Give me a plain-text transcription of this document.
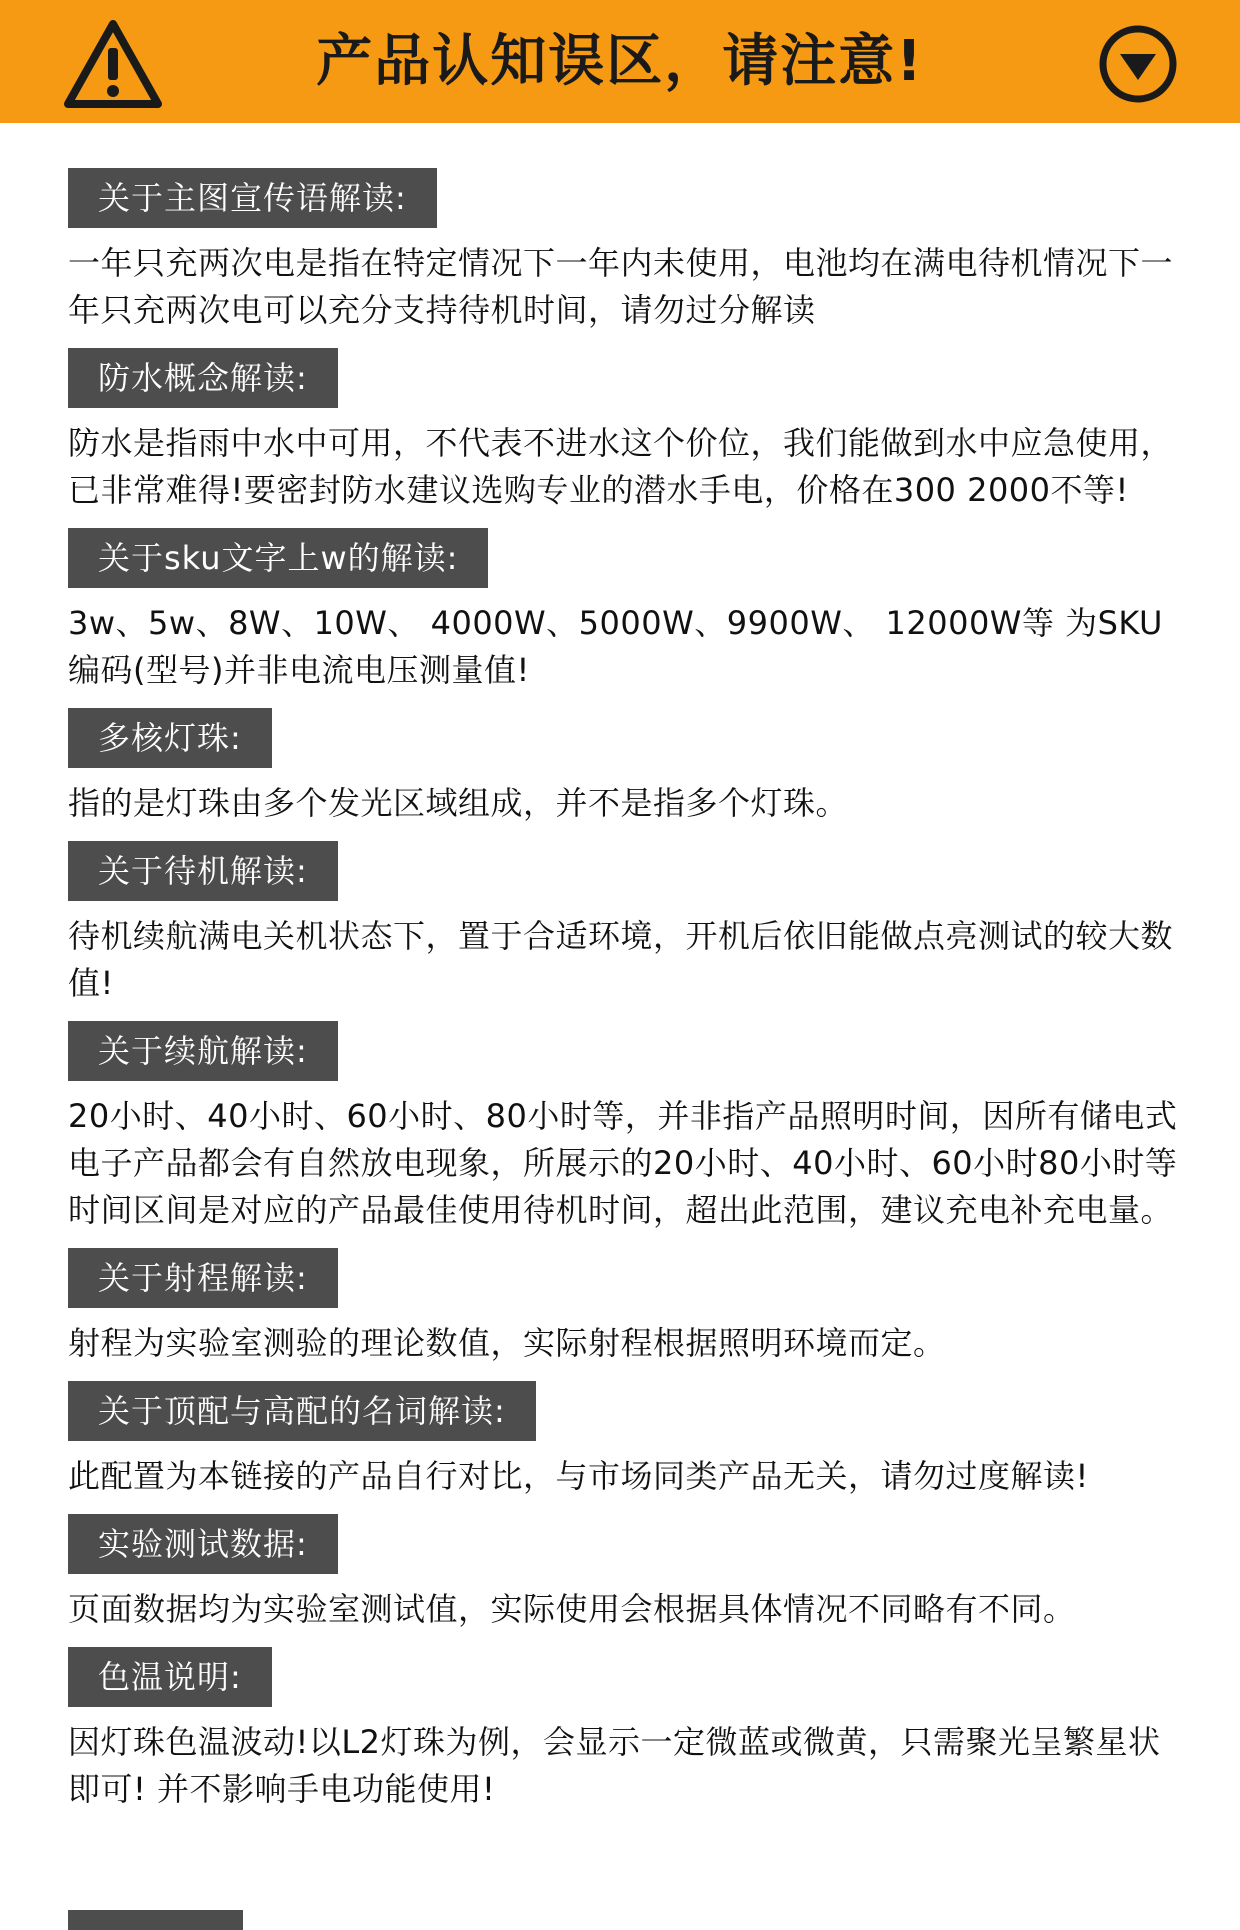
产品认知误区，请注意!
关于主图宣传语解读:
一年只充两次电是指在特定情况下一年内未使用，电池均在满电待机情况下一年只充两次电可以充分支持待机时间，请勿过分解读
防水概念解读:
防水是指雨中水中可用，不代表不进水这个价位，我们能做到水中应急使用，已非常难得!要密封防水建议选购专业的潜水手电，价格在300 2000不等!
关于sku文字上w的解读:
3w、5w、8W、10W、 4000W、5000W、9900W、 12000W等 为SKU编码(型号)并非电流电压测量值!
多核灯珠:
指的是灯珠由多个发光区域组成，并不是指多个灯珠。
关于待机解读:
待机续航满电关机状态下，置于合适环境，开机后依旧能做点亮测试的较大数值!
关于续航解读:
20小时、40小时、60小时、80小时等，并非指产品照明时间，因所有储电式电子产品都会有自然放电现象，所展示的20小时、40小时、60小时80小时等时间区间是对应的产品最佳使用待机时间，超出此范围，建议充电补充电量。
关于射程解读:
射程为实验室测验的理论数值，实际射程根据照明环境而定。
关于顶配与高配的名词解读:
此配置为本链接的产品自行对比，与市场同类产品无关，请勿过度解读!
实验测试数据:
页面数据均为实验室测试值，实际使用会根据具体情况不同略有不同。
色温说明:
因灯珠色温波动!以L2灯珠为例，会显示一定微蓝或微黄，只需聚光呈繁星状即可! 并不影响手电功能使用!
